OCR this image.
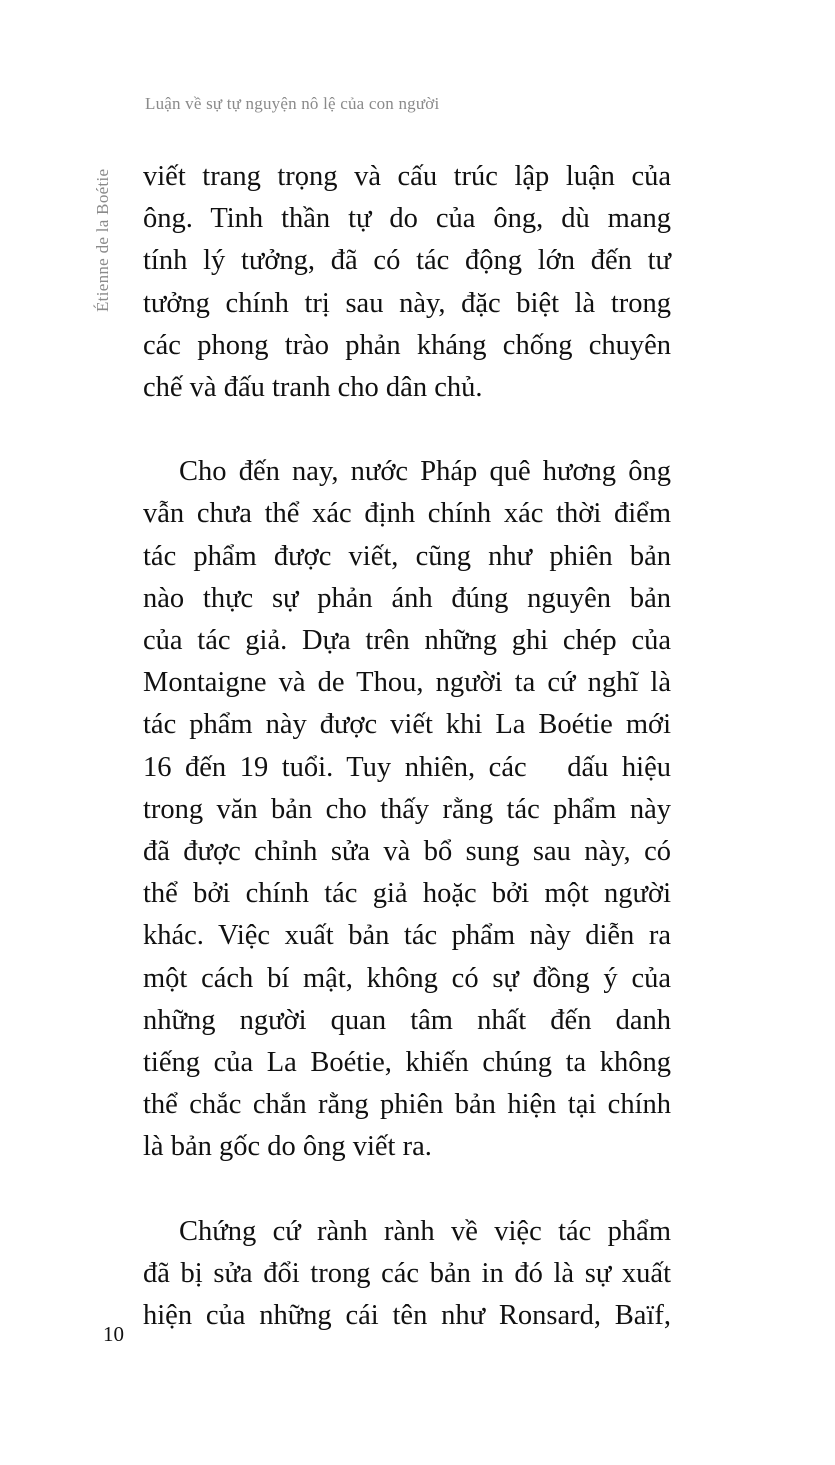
Luận về sự tự nguyện nô lệ của con người
Étienne de la Boétie viết trang trọng và cấu trúc lập luận của
ông. Tinh thần tự do của ông, dù mang
tính lý tưởng, đã có tác động lớn đến tư
tưởng chính trị sau này, đặc biệt là trong
các phong trào phản kháng chống chuyên
chế và đấu tranh cho dân chủ.

Cho đến nay, nước Pháp quê hương ông
vẫn chưa thể xác định chính xác thời điểm
tác phẩm được viết, cũng như phiên bản
nào thực sự phản ánh đúng nguyên bản
của tác giả. Dựa trên những ghi chép của
Montaigne và de Thou, người ta cứ nghĩ là
tác phẩm này được viết khi La Boétie mới
16 đến 19 tuổi. Tuy nhiên, các   dấu hiệu
trong văn bản cho thấy rằng tác phẩm này
đã được chỉnh sửa và bổ sung sau này, có
thể bởi chính tác giả hoặc bởi một người
khác. Việc xuất bản tác phẩm này diễn ra
một cách bí mật, không có sự đồng ý của
những người quan tâm nhất đến danh
tiếng của La Boétie, khiến chúng ta không
thể chắc chắn rằng phiên bản hiện tại chính
là bản gốc do ông viết ra.

Chứng cứ rành rành về việc tác phẩm
đã bị sửa đổi trong các bản in đó là sự xuất
hiện của những cái tên như Ronsard, Baïf,

10
